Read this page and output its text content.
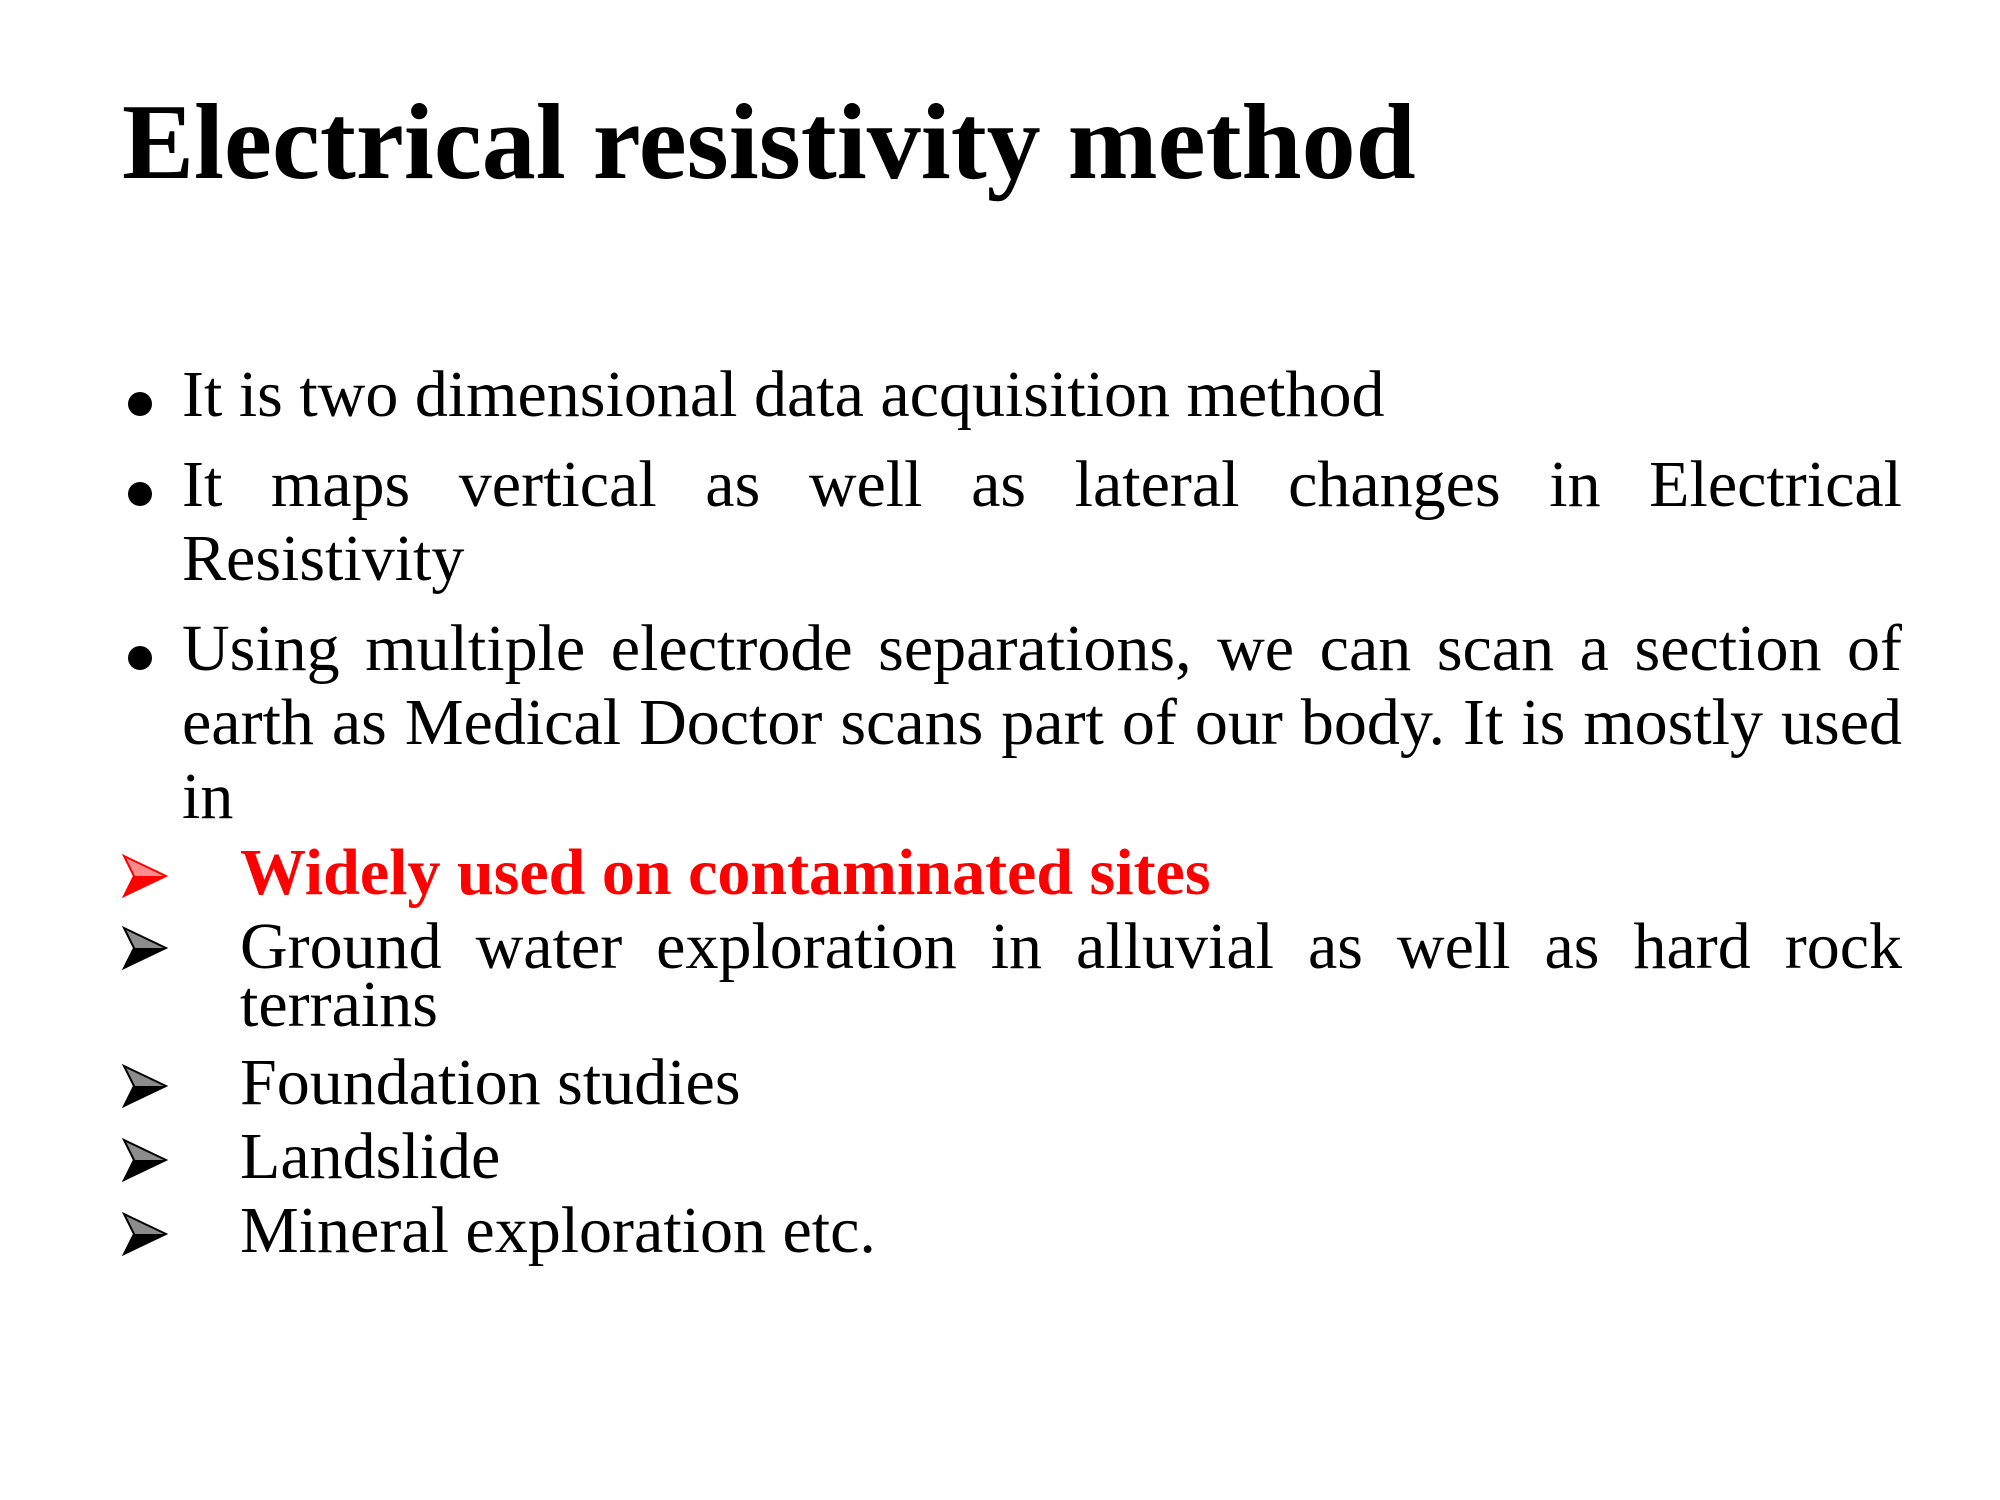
Electrical resistivity method
It is two dimensional data acquisition method
It maps vertical as well as lateral changes in Electrical Resistivity
Using multiple electrode separations, we can scan a section of earth as Medical Doctor scans part of our body. It is mostly used in
Widely used on contaminated sites
Ground water exploration in alluvial as well as hard rock terrains
Foundation studies
Landslide
Mineral exploration etc.
